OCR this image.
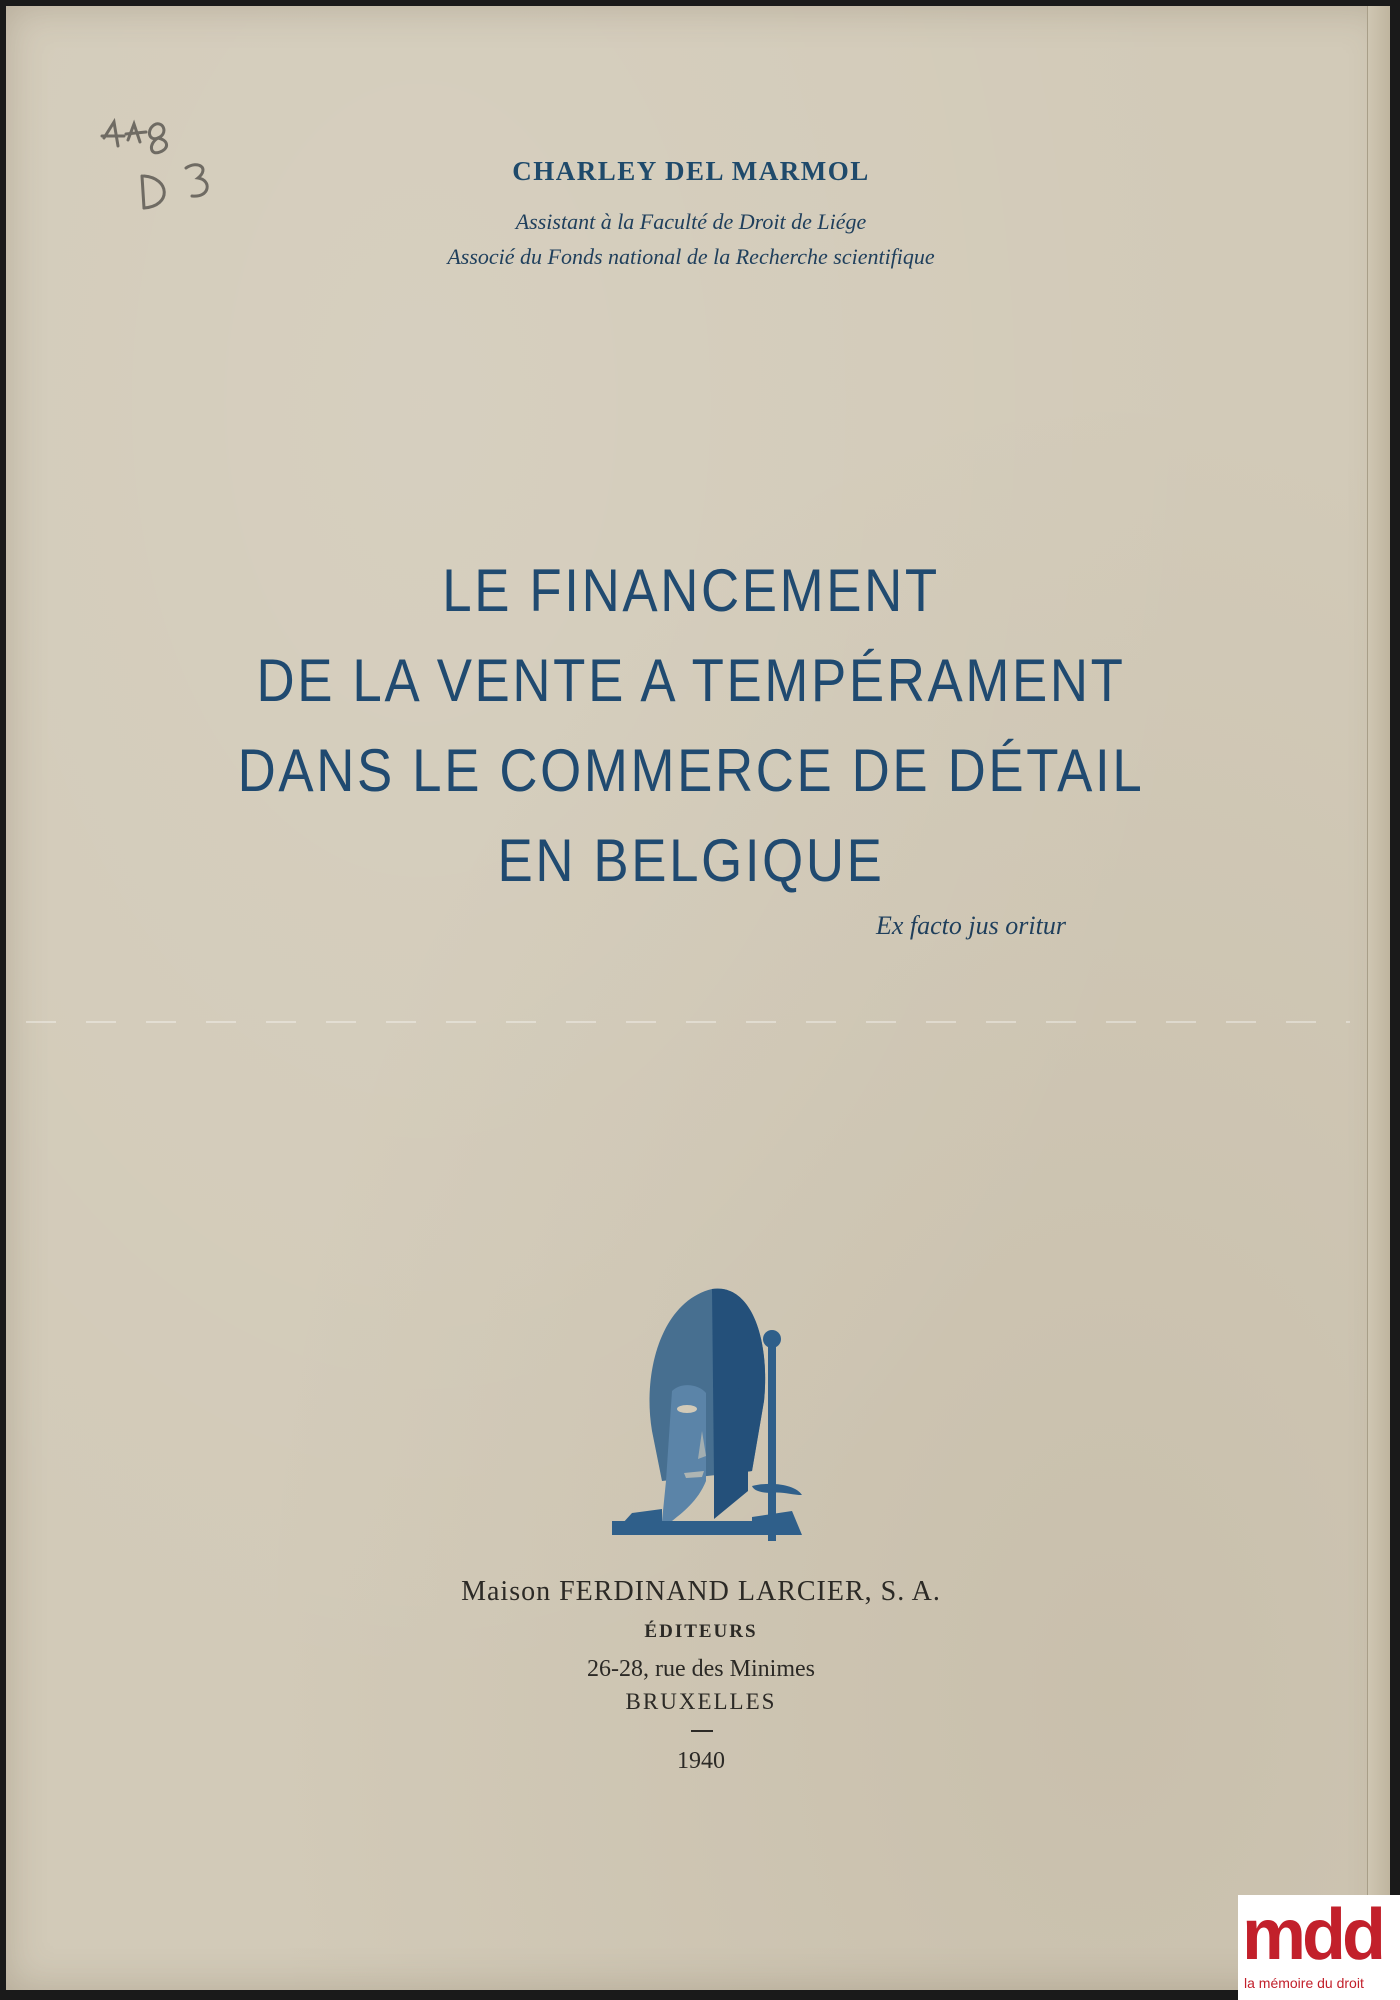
CHARLEY DEL MARMOL
Assistant à la Faculté de Droit de Liége
Associé du Fonds national de la Recherche scientifique
LE FINANCEMENT
DE LA VENTE A TEMPÉRAMENT
DANS LE COMMERCE DE DÉTAIL
EN BELGIQUE
Ex facto jus oritur
Maison FERDINAND LARCIER, S. A.
ÉDITEURS
26-28, rue des Minimes
BRUXELLES
1940
mdd
la mémoire du droit
